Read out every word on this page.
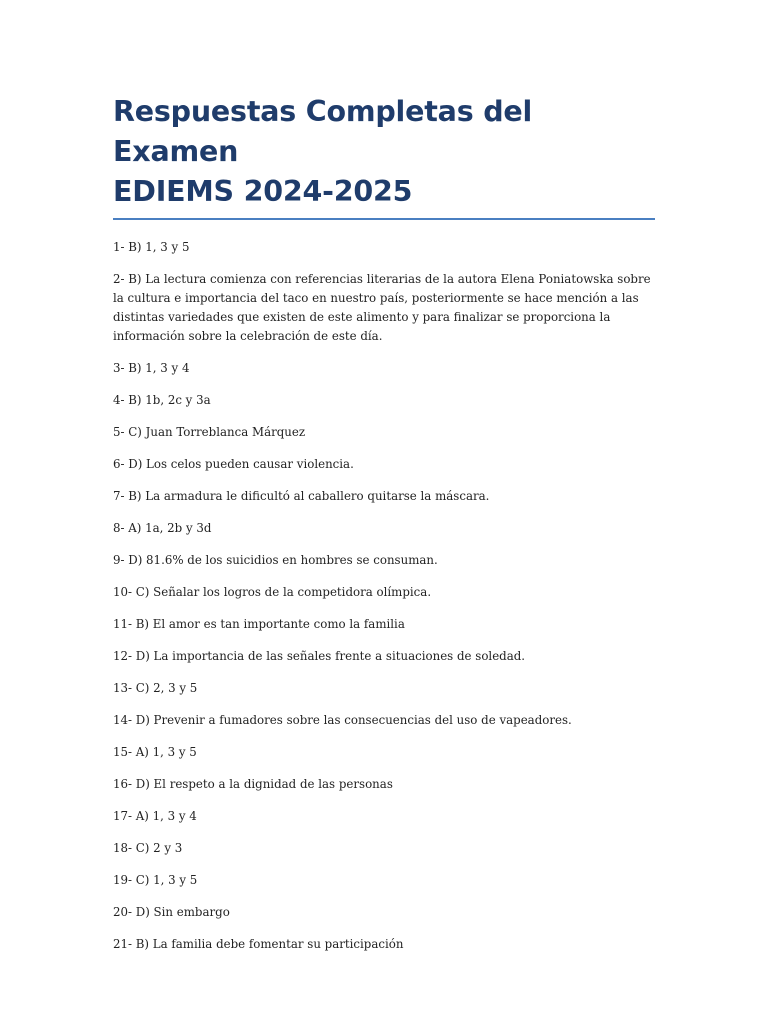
Respuestas Completas del Examen
EDIEMS 2024-2025
1- B) 1, 3 y 5
2- B) La lectura comienza con referencias literarias de la autora Elena Poniatowska sobre la cultura e importancia del taco en nuestro país, posteriormente se hace mención a las distintas variedades que existen de este alimento y para finalizar se proporciona la información sobre la celebración de este día.
3- B) 1, 3 y 4
4- B) 1b, 2c y 3a
5- C) Juan Torreblanca Márquez
6- D) Los celos pueden causar violencia.
7- B) La armadura le dificultó al caballero quitarse la máscara.
8- A) 1a, 2b y 3d
9- D) 81.6% de los suicidios en hombres se consuman.
10- C) Señalar los logros de la competidora olímpica.
11- B) El amor es tan importante como la familia
12- D) La importancia de las señales frente a situaciones de soledad.
13- C) 2, 3 y 5
14- D) Prevenir a fumadores sobre las consecuencias del uso de vapeadores.
15- A) 1, 3 y 5
16- D) El respeto a la dignidad de las personas
17- A) 1, 3 y 4
18- C) 2 y 3
19- C) 1, 3 y 5
20- D) Sin embargo
21- B) La familia debe fomentar su participación
